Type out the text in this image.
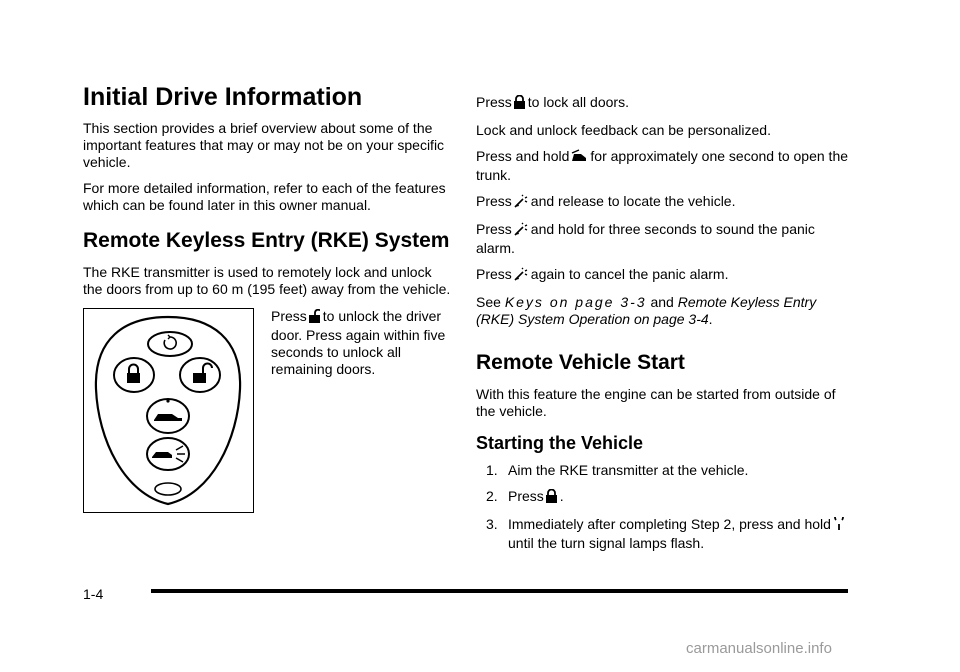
Initial Drive Information

This section provides a brief overview about some of the important features that may or may not be on your specific vehicle.

For more detailed information, refer to each of the features which can be found later in this owner manual.

Remote Keyless Entry (RKE) System

The RKE transmitter is used to remotely lock and unlock the doors from up to 60 m (195 feet) away from the vehicle.

Press to unlock the driver door. Press again within five seconds to unlock all remaining doors.

Press to lock all doors.

Lock and unlock feedback can be personalized.

Press and hold for approximately one second to open the trunk.

Press and release to locate the vehicle.

Press and hold for three seconds to sound the panic alarm.

Press again to cancel the panic alarm.

See Keys on page 3-3 and Remote Keyless Entry (RKE) System Operation on page 3-4.

Remote Vehicle Start

With this feature the engine can be started from outside of the vehicle.

Starting the Vehicle
1. Aim the RKE transmitter at the vehicle.
2. Press .
3. Immediately after completing Step 2, press and holduntil the turn signal lamps flash.
1-4
carmanualsonline.info
